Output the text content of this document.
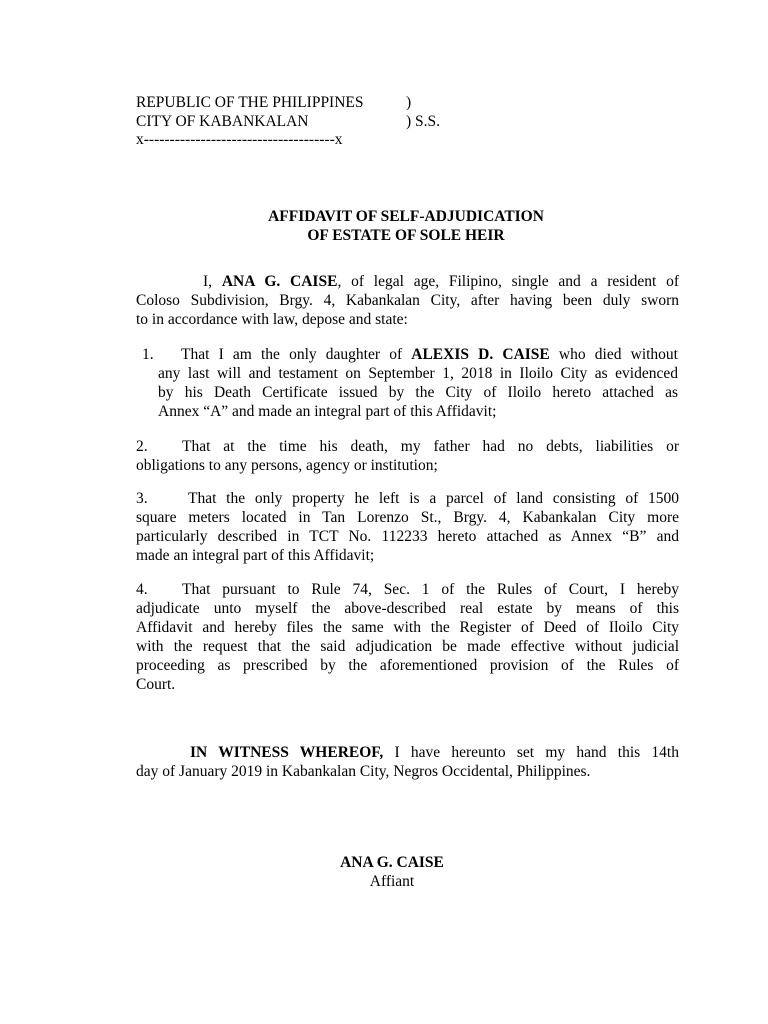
REPUBLIC OF THE PHILIPPINES	)
CITY OF KABANKALAN	) S.S.
x-------------------------------------x
AFFIDAVIT OF SELF-ADJUDICATION
OF ESTATE OF SOLE HEIR
I, ANA G. CAISE, of legal age, Filipino, single and a resident of
Coloso Subdivision, Brgy. 4, Kabankalan City, after having been duly sworn
to in accordance with law, depose and state:
1. That I am the only daughter of ALEXIS D. CAISE who died without
any last will and testament on September 1, 2018 in Iloilo City as evidenced
by his Death Certificate issued by the City of Iloilo hereto attached as
Annex “A” and made an integral part of this Affidavit;
2. That at the time his death, my father had no debts, liabilities or
obligations to any persons, agency or institution;
3.	That the only property he left is a parcel of land consisting of 1500
square meters located in Tan Lorenzo St., Brgy. 4, Kabankalan City more
particularly described in TCT No. 112233 hereto attached as Annex “B” and
made an integral part of this Affidavit;
4. That pursuant to Rule 74, Sec. 1 of the Rules of Court, I hereby
adjudicate unto myself the above-described real estate by means of this
Affidavit and hereby files the same with the Register of Deed of Iloilo City
with the request that the said adjudication be made effective without judicial
proceeding as prescribed by the aforementioned provision of the Rules of
Court.
IN WITNESS WHEREOF, I have hereunto set my hand this 14th
day of January 2019 in Kabankalan City, Negros Occidental, Philippines.
ANA G. CAISE
Affiant
